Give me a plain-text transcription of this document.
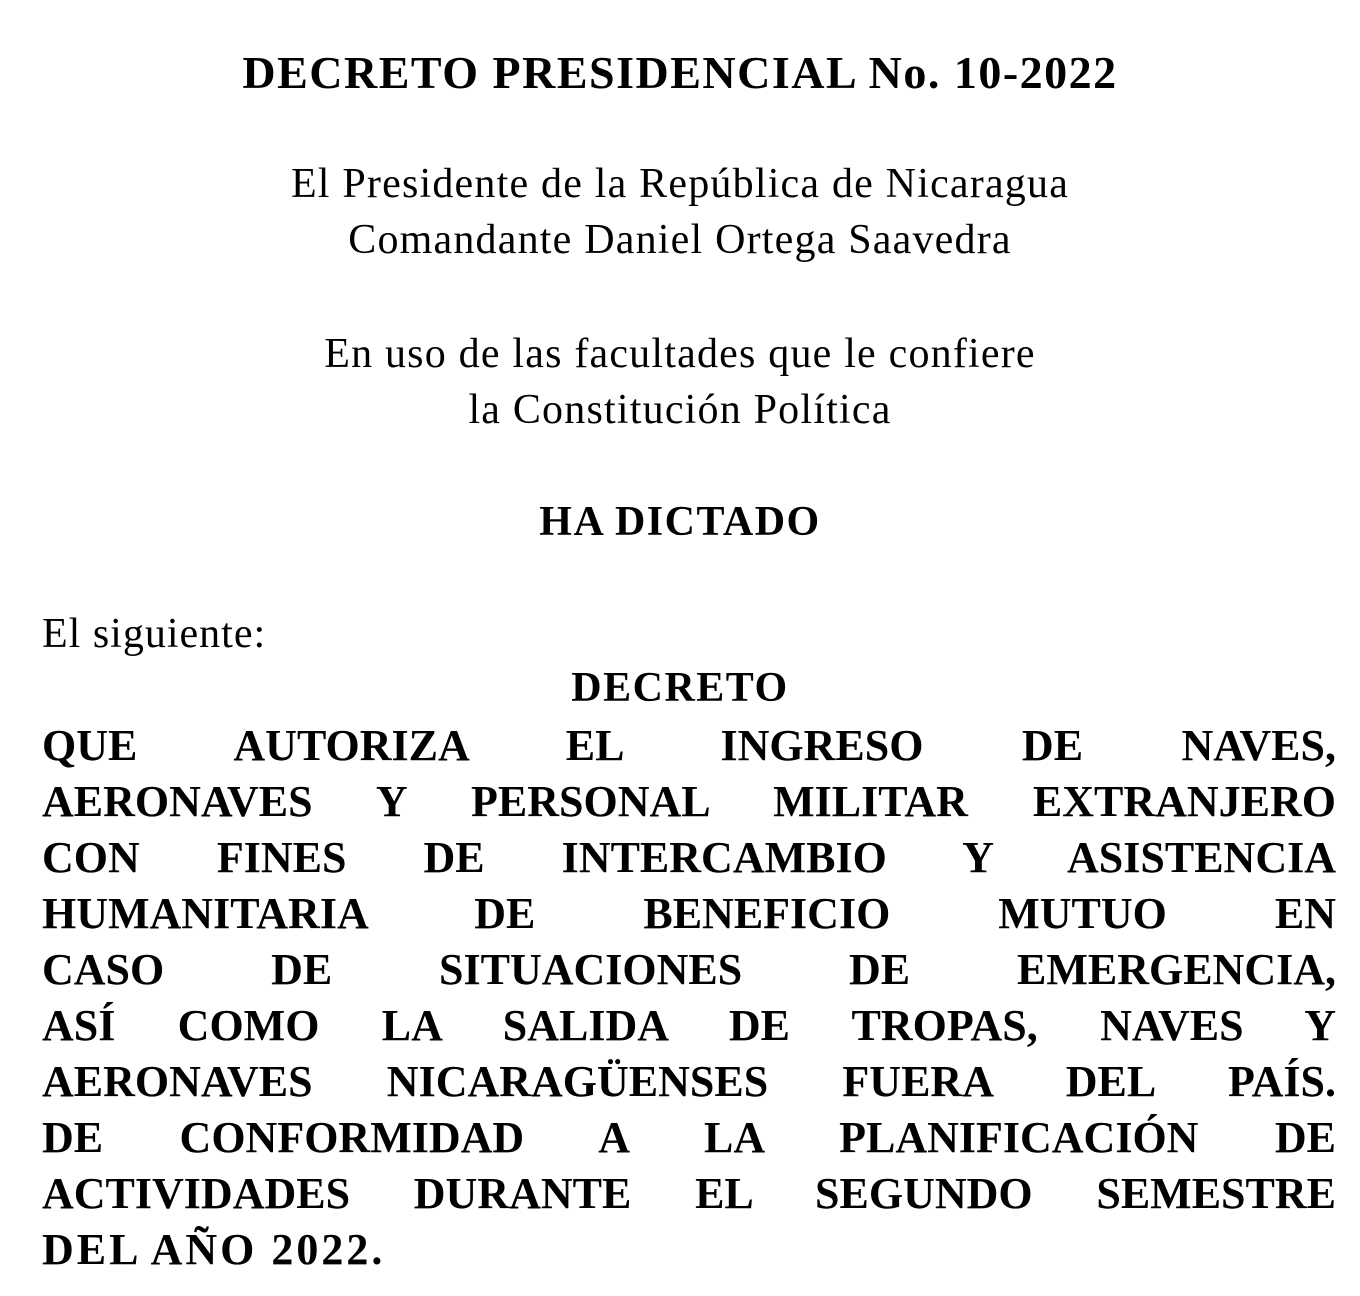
DECRETO PRESIDENCIAL No. 10-2022
El Presidente de la República de Nicaragua
Comandante Daniel Ortega Saavedra
En uso de las facultades que le confiere
la Constitución Política
HA DICTADO
El siguiente:
DECRETO
QUE AUTORIZA EL INGRESO DE NAVES,
AERONAVES Y PERSONAL MILITAR EXTRANJERO
CON FINES DE INTERCAMBIO Y ASISTENCIA
HUMANITARIA DE BENEFICIO MUTUO EN
CASO DE SITUACIONES DE EMERGENCIA,
ASÍ COMO LA SALIDA DE TROPAS, NAVES Y
AERONAVES NICARAGÜENSES FUERA DEL PAÍS.
DE CONFORMIDAD A LA PLANIFICACIÓN DE
ACTIVIDADES DURANTE EL SEGUNDO SEMESTRE
DEL AÑO 2022.
